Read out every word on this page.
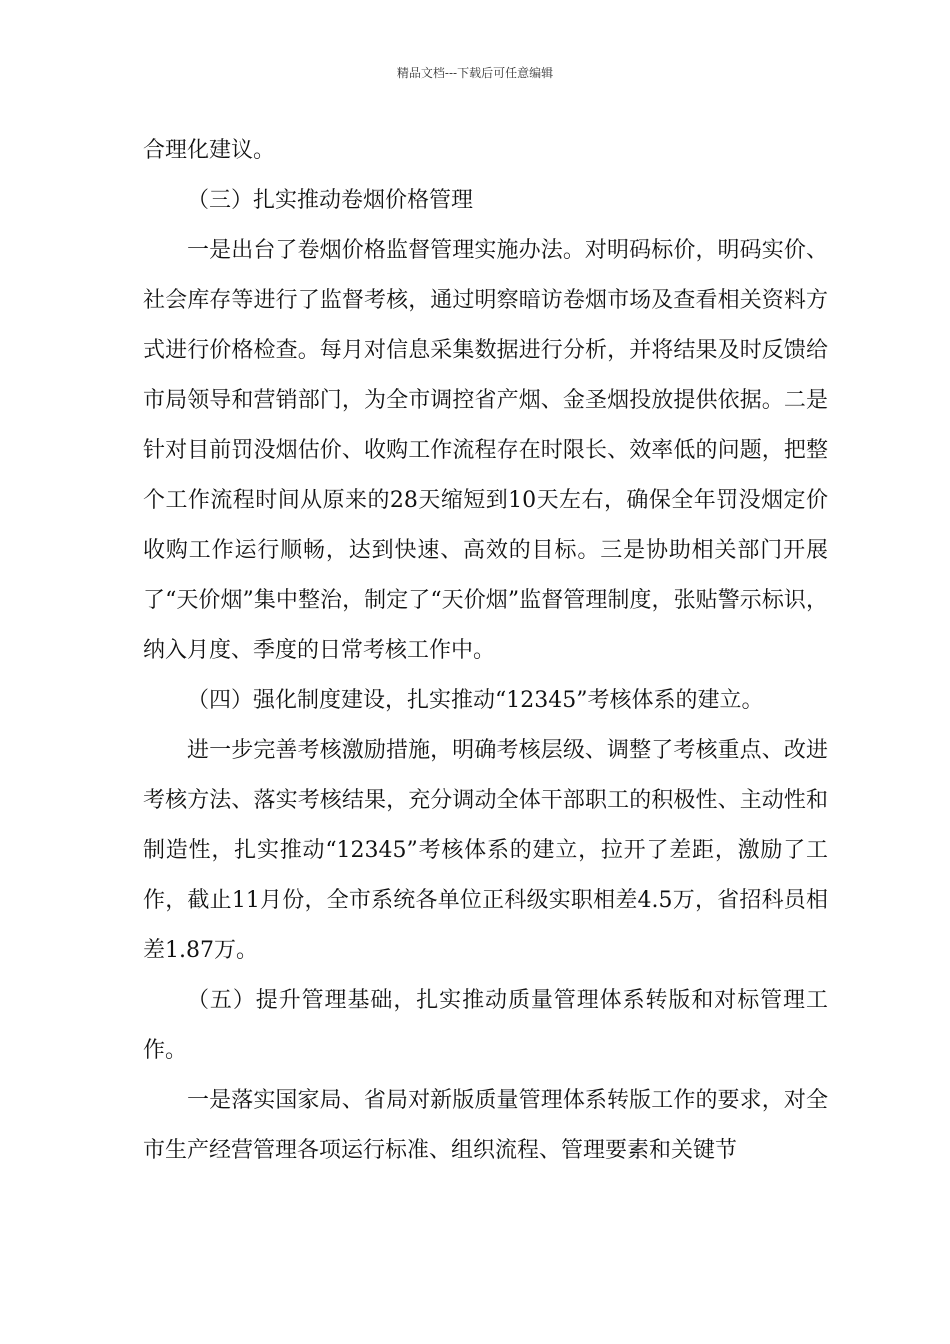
精品文档---下载后可任意编辑

合理化建议。

（三）扎实推动卷烟价格管理

一是出台了卷烟价格监督管理实施办法。对明码标价，明码实价、社会库存等进行了监督考核，通过明察暗访卷烟市场及查看相关资料方式进行价格检查。每月对信息采集数据进行分析，并将结果及时反馈给市局领导和营销部门，为全市调控省产烟、金圣烟投放提供依据。二是针对目前罚没烟估价、收购工作流程存在时限长、效率低的问题，把整个工作流程时间从原来的28天缩短到10天左右，确保全年罚没烟定价收购工作运行顺畅，达到快速、高效的目标。三是协助相关部门开展了“天价烟”集中整治，制定了“天价烟”监督管理制度，张贴警示标识，纳入月度、季度的日常考核工作中。

（四）强化制度建设，扎实推动“12345”考核体系的建立。

进一步完善考核激励措施，明确考核层级、调整了考核重点、改进考核方法、落实考核结果，充分调动全体干部职工的积极性、主动性和制造性，扎实推动“12345”考核体系的建立，拉开了差距，激励了工作，截止11月份，全市系统各单位正科级实职相差4.5万，省招科员相差1.87万。

（五）提升管理基础，扎实推动质量管理体系转版和对标管理工作。

一是落实国家局、省局对新版质量管理体系转版工作的要求，对全市生产经营管理各项运行标准、组织流程、管理要素和关键节
